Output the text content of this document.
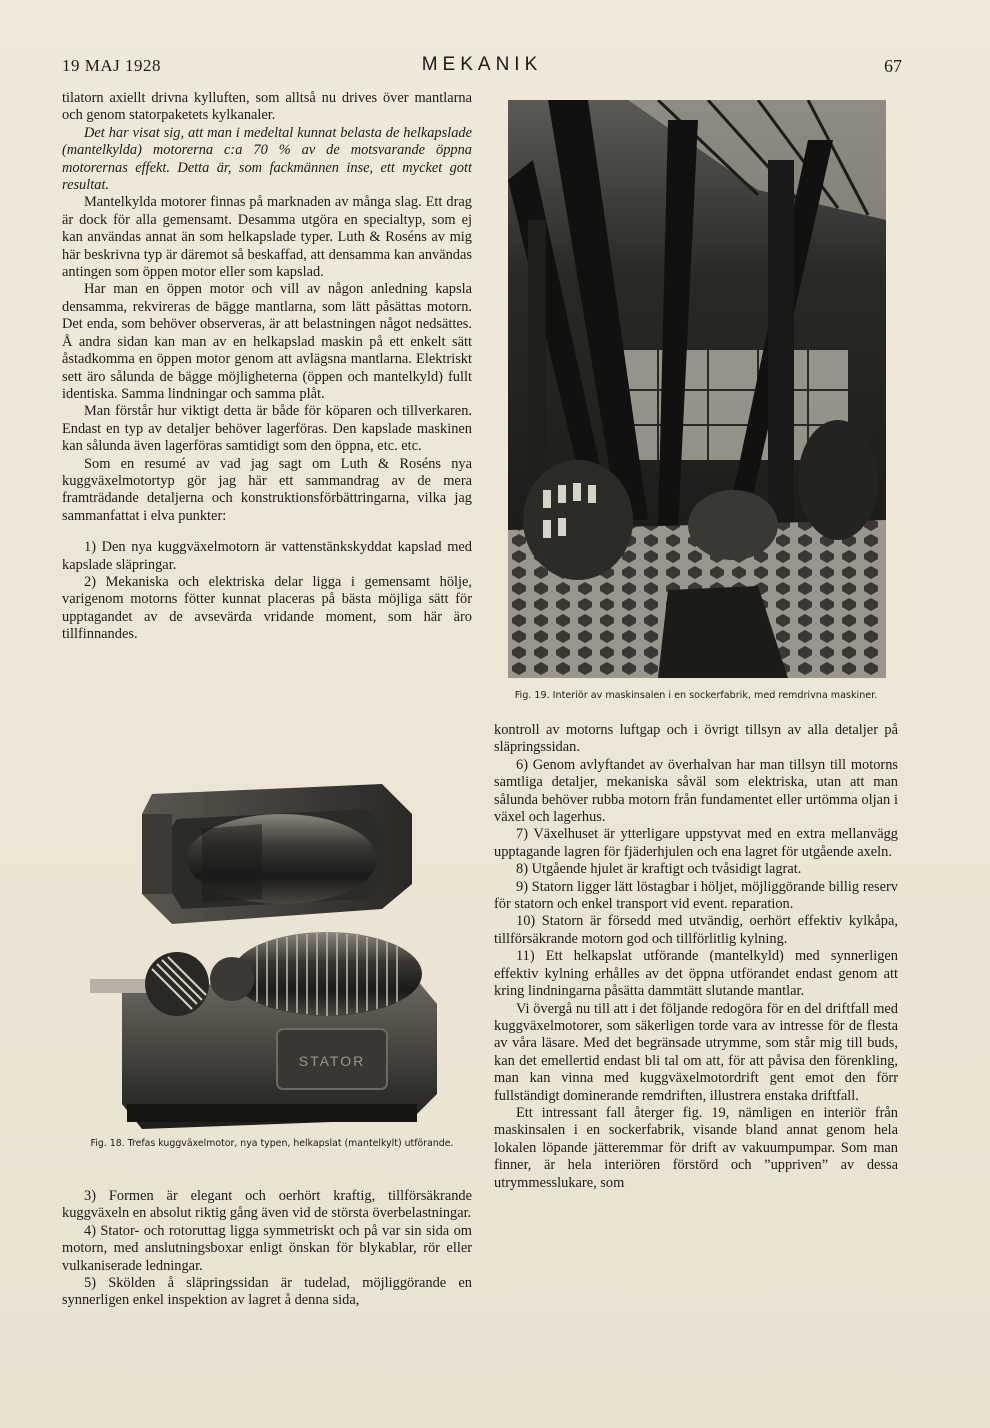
19 MAJ 1928	MEKANIK	67

tilatorn axiellt drivna kylluften, som alltså nu drives över mantlarna och genom statorpaketets kylkanaler.

Det har visat sig, att man i medeltal kunnat belasta de helkapslade (mantelkylda) motorerna c:a 70 % av de motsvarande öppna motorernas effekt. Detta är, som fackmännen inse, ett mycket gott resultat.

Mantelkylda motorer finnas på marknaden av många slag. Ett drag är dock för alla gemensamt. Desamma utgöra en specialtyp, som ej kan användas annat än som helkapslade typer. Luth & Roséns av mig här beskrivna typ är däremot så beskaffad, att densamma kan användas antingen som öppen motor eller som kapslad.

Har man en öppen motor och vill av någon anledning kapsla densamma, rekvireras de bägge mantlarna, som lätt påsättas motorn. Det enda, som behöver observeras, är att belastningen något nedsättes. Å andra sidan kan man av en helkapslad maskin på ett enkelt sätt åstadkomma en öppen motor genom att avlägsna mantlarna. Elektriskt sett äro sålunda de bägge möjligheterna (öppen och mantelkyld) fullt identiska. Samma lindningar och samma plåt.

Man förstår hur viktigt detta är både för köparen och tillverkaren. Endast en typ av detaljer behöver lagerföras. Den kapslade maskinen kan sålunda även lagerföras samtidigt som den öppna, etc. etc.

Som en resumé av vad jag sagt om Luth & Roséns nya kuggväxelmotortyp gör jag här ett sammandrag av de mera framträdande detaljerna och konstruktionsförbättringarna, vilka jag sammanfattat i elva punkter:

1) Den nya kuggväxelmotorn är vattenstänkskyddat kapslad med kapslade släpringar.

2) Mekaniska och elektriska delar ligga i gemensamt hölje, varigenom motorns fötter kunnat placeras på bästa möjliga sätt för upptagandet av de avsevärda vridande moment, som här äro tillfinnandes.

STATOR
Fig. 18. Trefas kuggväxelmotor, nya typen, helkapslat (mantelkylt) utförande.

3) Formen är elegant och oerhört kraftig, tillförsäkrande kuggväxeln en absolut riktig gång även vid de största överbelastningar.

4) Stator- och rotoruttag ligga symmetriskt och på var sin sida om motorn, med anslutningsboxar enligt önskan för blykablar, rör eller vulkaniserade ledningar.

5) Skölden å släpringssidan är tudelad, möjliggörande en synnerligen enkel inspektion av lagret å denna sida,

Fig. 19. Interiör av maskinsalen i en sockerfabrik, med remdrivna maskiner.

kontroll av motorns luftgap och i övrigt tillsyn av alla detaljer på släpringssidan.

6) Genom avlyftandet av överhalvan har man tillsyn till motorns samtliga detaljer, mekaniska såväl som elektriska, utan att man sålunda behöver rubba motorn från fundamentet eller urtömma oljan i växel och lagerhus.

7) Växelhuset är ytterligare uppstyvat med en extra mellanvägg upptagande lagren för fjäderhjulen och ena lagret för utgående axeln.

8) Utgående hjulet är kraftigt och tvåsidigt lagrat.

9) Statorn ligger lätt löstagbar i höljet, möjliggörande billig reserv för statorn och enkel transport vid event. reparation.

10) Statorn är försedd med utvändig, oerhört effektiv kylkåpa, tillförsäkrande motorn god och tillförlitlig kylning.

11) Ett helkapslat utförande (mantelkyld) med synnerligen effektiv kylning erhålles av det öppna utförandet endast genom att kring lindningarna påsätta dammtätt slutande mantlar.

Vi övergå nu till att i det följande redogöra för en del driftfall med kuggväxelmotorer, som säkerligen torde vara av intresse för de flesta av våra läsare. Med det begränsade utrymme, som står mig till buds, kan det emellertid endast bli tal om att, för att påvisa den förenkling, man kan vinna med kuggväxelmotordrift gent emot den förr fullständigt dominerande remdriften, illustrera enstaka driftfall.

Ett intressant fall återger fig. 19, nämligen en interiör från maskinsalen i en sockerfabrik, visande bland annat genom hela lokalen löpande jätteremmar för drift av vakuumpumpar. Som man finner, är hela interiören förstörd och ”uppriven” av dessa utrymmesslukare, som
